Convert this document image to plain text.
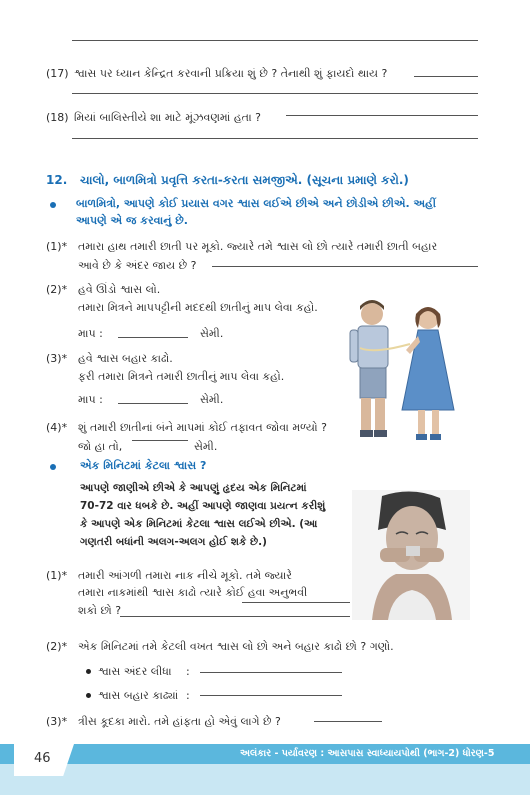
(17) શ્વાસ પર ધ્યાન કેન્દ્રિત કરવાની પ્રક્રિયા શું છે ? તેનાથી શું ફાયદો થાય ?
(18) મિયાં બાલિસ્તીયે શા માટે મૂંઝવણમાં હતા ?
12. ચાલો, બાળમિત્રો પ્રવૃત્તિ કરતા-કરતા સમજીએ. (સૂચના પ્રમાણે કરો.)
બાળમિત્રો, આપણે કોઈ પ્રયાસ વગર શ્વાસ લઈએ છીએ અને છોડીએ છીએ. અહીં
આપણે એ જ કરવાનું છે.
(1)* તમારા હાથ તમારી છાતી પર મૂકો. જ્યારે તમે શ્વાસ લો છો ત્યારે તમારી છાતી બહાર
આવે છે કે અંદર જાય છે ?
(2)* હવે ઊંડો શ્વાસ લો.
તમારા મિત્રને માપપટ્ટીની મદદથી છાતીનું માપ લેવા કહો.
માપ :	સેમી.
(3)* હવે શ્વાસ બહાર કાઢો.
ફરી તમારા મિત્રને તમારી છાતીનું માપ લેવા કહો.
માપ :	સેમી.
(4)* શું તમારી છાતીનાં બંને માપમાં કોઈ તફાવત જોવા મળ્યો ?
જો હા તો,	સેમી.
એક મિનિટમાં કેટલા શ્વાસ ?
આપણે જાણીએ છીએ કે આપણું હૃદય એક મિનિટમાં
70-72 વાર ધબકે છે. અહીં આપણે જાણવા પ્રયત્ન કરીશું
કે આપણે એક મિનિટમાં કેટલા શ્વાસ લઈએ છીએ. (આ
ગણતરી બધાંની અલગ-અલગ હોઈ શકે છે.)
(1)* તમારી આંગળી તમારા નાક નીચે મૂકો. તમે જ્યારે
તમારા નાકમાંથી શ્વાસ કાઢો ત્યારે કોઈ હવા અનુભવી
શકો છો ?
(2)* એક મિનિટમાં તમે કેટલી વખત શ્વાસ લો છો અને બહાર કાઢો છો ? ગણો.
શ્વાસ અંદર લીધા :
શ્વાસ બહાર કાઢ્યાં :
(3)* ત્રીસ કૂદકા મારો. તમે હાંફતા હો એવું લાગે છે ?
46	અલંકાર - પર્યાવરણ : આસપાસ સ્વાધ્યાયપોથી (ભાગ-2) ધોરણ-5
